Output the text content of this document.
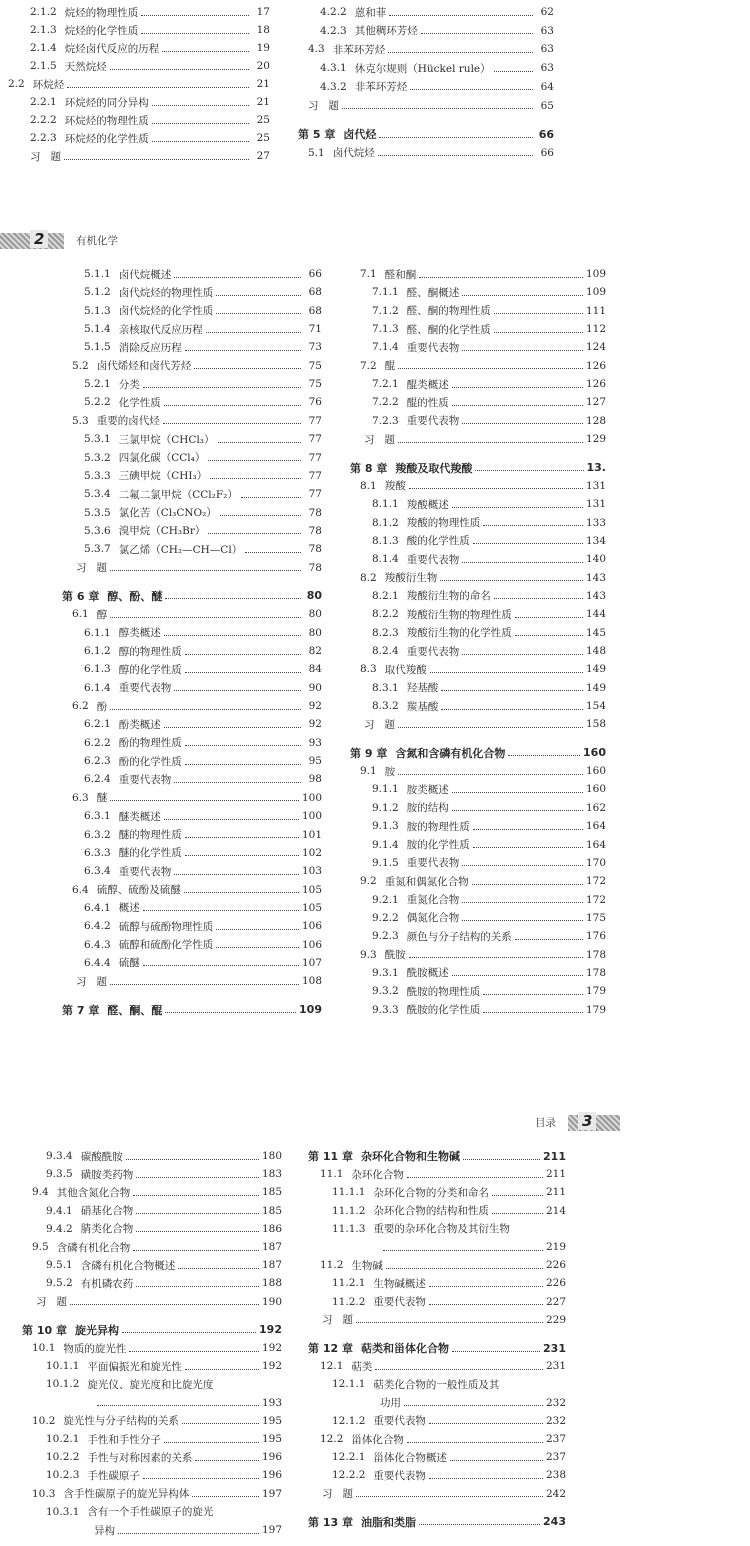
2.1.2 烷烃的物理性质	17
2.1.3 烷烃的化学性质	18
2.1.4 烷烃卤代反应的历程	19
2.1.5 天然烷烃	20
2.2 环烷烃	21
2.2.1 环烷烃的同分异构	21
2.2.2 环烷烃的物理性质	25
2.2.3 环烷烃的化学性质	25
习 题	27
4.2.2 蒽和菲	62
4.2.3 其他稠环芳烃	63
4.3 非苯环芳烃	63
4.3.1 休克尔规则（Hückel rule）	63
4.3.2 非苯环芳烃	64
习 题	65
第 5 章 卤代烃	66
5.1 卤代烷烃	66
2	有机化学
5.1.1 卤代烷概述	66
5.1.2 卤代烷烃的物理性质	68
5.1.3 卤代烷烃的化学性质	68
5.1.4 亲核取代反应历程	71
5.1.5 消除反应历程	73
5.2 卤代烯烃和卤代芳烃	75
5.2.1 分类	75
5.2.2 化学性质	76
5.3 重要的卤代烃	77
5.3.1 三氯甲烷（CHCl₃）	77
5.3.2 四氯化碳（CCl₄）	77
5.3.3 三碘甲烷（CHI₃）	77
5.3.4 二氟二氯甲烷（CCl₂F₂）	77
5.3.5 氯化苦（Cl₃CNO₂）	78
5.3.6 溴甲烷（CH₃Br）	78
5.3.7 氯乙烯（CH₂—CH—Cl）	78
习 题	78
第 6 章 醇、酚、醚	80
6.1 醇	80
6.1.1 醇类概述	80
6.1.2 醇的物理性质	82
6.1.3 醇的化学性质	84
6.1.4 重要代表物	90
6.2 酚	92
6.2.1 酚类概述	92
6.2.2 酚的物理性质	93
6.2.3 酚的化学性质	95
6.2.4 重要代表物	98
6.3 醚	100
6.3.1 醚类概述	100
6.3.2 醚的物理性质	101
6.3.3 醚的化学性质	102
6.3.4 重要代表物	103
6.4 硫醇、硫酚及硫醚	105
6.4.1 概述	105
6.4.2 硫醇与硫酚物理性质	106
6.4.3 硫醇和硫酚化学性质	106
6.4.4 硫醚	107
习 题	108
第 7 章 醛、酮、醌	109
7.1 醛和酮	109
7.1.1 醛、酮概述	109
7.1.2 醛、酮的物理性质	111
7.1.3 醛、酮的化学性质	112
7.1.4 重要代表物	124
7.2 醌	126
7.2.1 醌类概述	126
7.2.2 醌的性质	127
7.2.3 重要代表物	128
习 题	129
第 8 章 羧酸及取代羧酸	13.
8.1 羧酸	131
8.1.1 羧酸概述	131
8.1.2 羧酸的物理性质	133
8.1.3 酸的化学性质	134
8.1.4 重要代表物	140
8.2 羧酸衍生物	143
8.2.1 羧酸衍生物的命名	143
8.2.2 羧酸衍生物的物理性质	144
8.2.3 羧酸衍生物的化学性质	145
8.2.4 重要代表物	148
8.3 取代羧酸	149
8.3.1 羟基酸	149
8.3.2 羰基酸	154
习 题	158
第 9 章 含氮和含磷有机化合物	160
9.1 胺	160
9.1.1 胺类概述	160
9.1.2 胺的结构	162
9.1.3 胺的物理性质	164
9.1.4 胺的化学性质	164
9.1.5 重要代表物	170
9.2 重氮和偶氮化合物	172
9.2.1 重氮化合物	172
9.2.2 偶氮化合物	175
9.2.3 颜色与分子结构的关系	176
9.3 酰胺	178
9.3.1 酰胺概述	178
9.3.2 酰胺的物理性质	179
9.3.3 酰胺的化学性质	179
目录 3
9.3.4 碳酸酰胺	180
9.3.5 磺胺类药物	183
9.4 其他含氮化合物	185
9.4.1 硝基化合物	185
9.4.2 腈类化合物	186
9.5 含磷有机化合物	187
9.5.1 含磷有机化合物概述	187
9.5.2 有机磷农药	188
习 题	190
第 10 章 旋光异构	192
10.1 物质的旋光性	192
10.1.1 平面偏振光和旋光性	192
10.1.2 旋光仪、旋光度和比旋光度
193
10.2 旋光性与分子结构的关系	195
10.2.1 手性和手性分子	195
10.2.2 手性与对称因素的关系	196
10.2.3 手性碳原子	196
10.3 含手性碳原子的旋光异构体	197
10.3.1 含有一个手性碳原子的旋光
异构	197
第 11 章 杂环化合物和生物碱	211
11.1 杂环化合物	211
11.1.1 杂环化合物的分类和命名	211
11.1.2 杂环化合物的结构和性质	214
11.1.3 重要的杂环化合物及其衍生物
219
11.2 生物碱	226
11.2.1 生物碱概述	226
11.2.2 重要代表物	227
习 题	229
第 12 章 萜类和甾体化合物	231
12.1 萜类	231
12.1.1 萜类化合物的一般性质及其
功用	232
12.1.2 重要代表物	232
12.2 甾体化合物	237
12.2.1 甾体化合物概述	237
12.2.2 重要代表物	238
习 题	242
第 13 章 油脂和类脂	243
